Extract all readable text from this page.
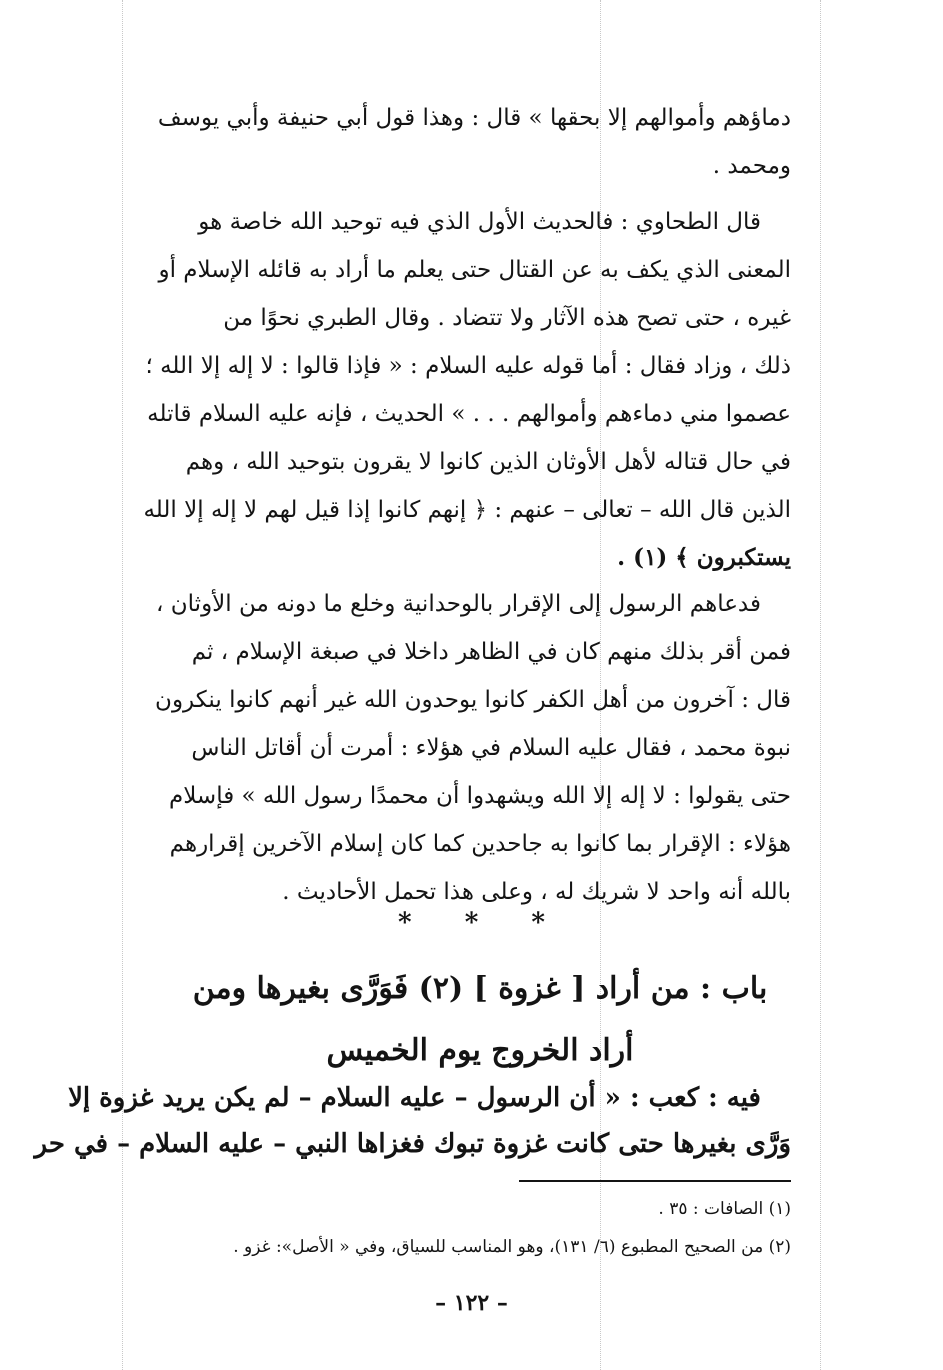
دماؤهم وأموالهم إلا بحقها » قال : وهذا قول أبي حنيفة وأبي يوسف
ومحمد .
قال الطحاوي : فالحديث الأول الذي فيه توحيد الله خاصة هو
المعنى الذي يكف به عن القتال حتى يعلم ما أراد به قائله الإسلام أو
غيره ، حتى تصح هذه الآثار ولا تتضاد . وقال الطبري نحوًا من
ذلك ، وزاد فقال : أما قوله عليه السلام : « فإذا قالوا : لا إله إلا الله ؛
عصموا مني دماءهم وأموالهم . . . » الحديث ، فإنه عليه السلام قاتله
في حال قتاله لأهل الأوثان الذين كانوا لا يقرون بتوحيد الله ، وهم
الذين قال الله – تعالى – عنهم : ﴿ إنهم كانوا إذا قيل لهم لا إله إلا الله
يستكبرون ﴾ (١) .
فدعاهم الرسول إلى الإقرار بالوحدانية وخلع ما دونه من الأوثان ،
فمن أقر بذلك منهم كان في الظاهر داخلا في صبغة الإسلام ، ثم
قال : آخرون من أهل الكفر كانوا يوحدون الله غير أنهم كانوا ينكرون
نبوة محمد ، فقال عليه السلام في هؤلاء : أمرت أن أقاتل الناس
حتى يقولوا : لا إله إلا الله ويشهدوا أن محمدًا رسول الله » فإسلام
هؤلاء : الإقرار بما كانوا به جاحدين كما كان إسلام الآخرين إقرارهم
بالله أنه واحد لا شريك له ، وعلى هذا تحمل الأحاديث .
* * *
باب : من أراد [ غزوة ] (٢) فَوَرَّى بغيرها ومن
أراد الخروج يوم الخميس
فيه : كعب : « أن الرسول – عليه السلام – لم يكن يريد غزوة إلا
وَرَّى بغيرها حتى كانت غزوة تبوك فغزاها النبي – عليه السلام – في حر
(١) الصافات : ٣٥ .
(٢) من الصحيح المطبوع (٦/ ١٣١)، وهو المناسب للسياق، وفي « الأصل»: غزو .
– ١٢٢ –
